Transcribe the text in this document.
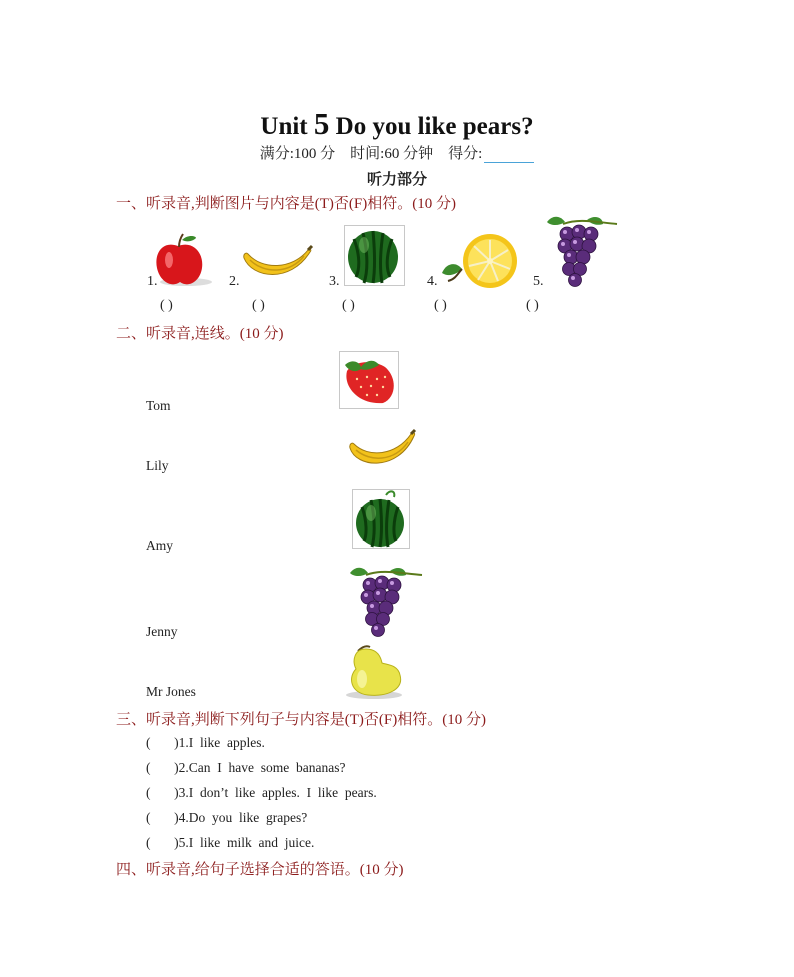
Unit 5 Do you like pears?
满分:100 分 时间:60 分钟 得分:
听力部分
一、听录音,判断图片与内容是(T)否(F)相符。(10 分)
1.	2.	3.	4.	5.
( )	( )	( )	( )	( )
二、听录音,连线。(10 分)
Tom
Lily
Amy
Jenny
Mr Jones
三、听录音,判断下列句子与内容是(T)否(F)相符。(10 分)
(       )1.I  like  apples.
(       )2.Can  I  have  some  bananas?
(       )3.I  don’t  like  apples.  I  like  pears.
(       )4.Do  you  like  grapes?
(       )5.I  like  milk  and  juice.
四、听录音,给句子选择合适的答语。(10 分)
